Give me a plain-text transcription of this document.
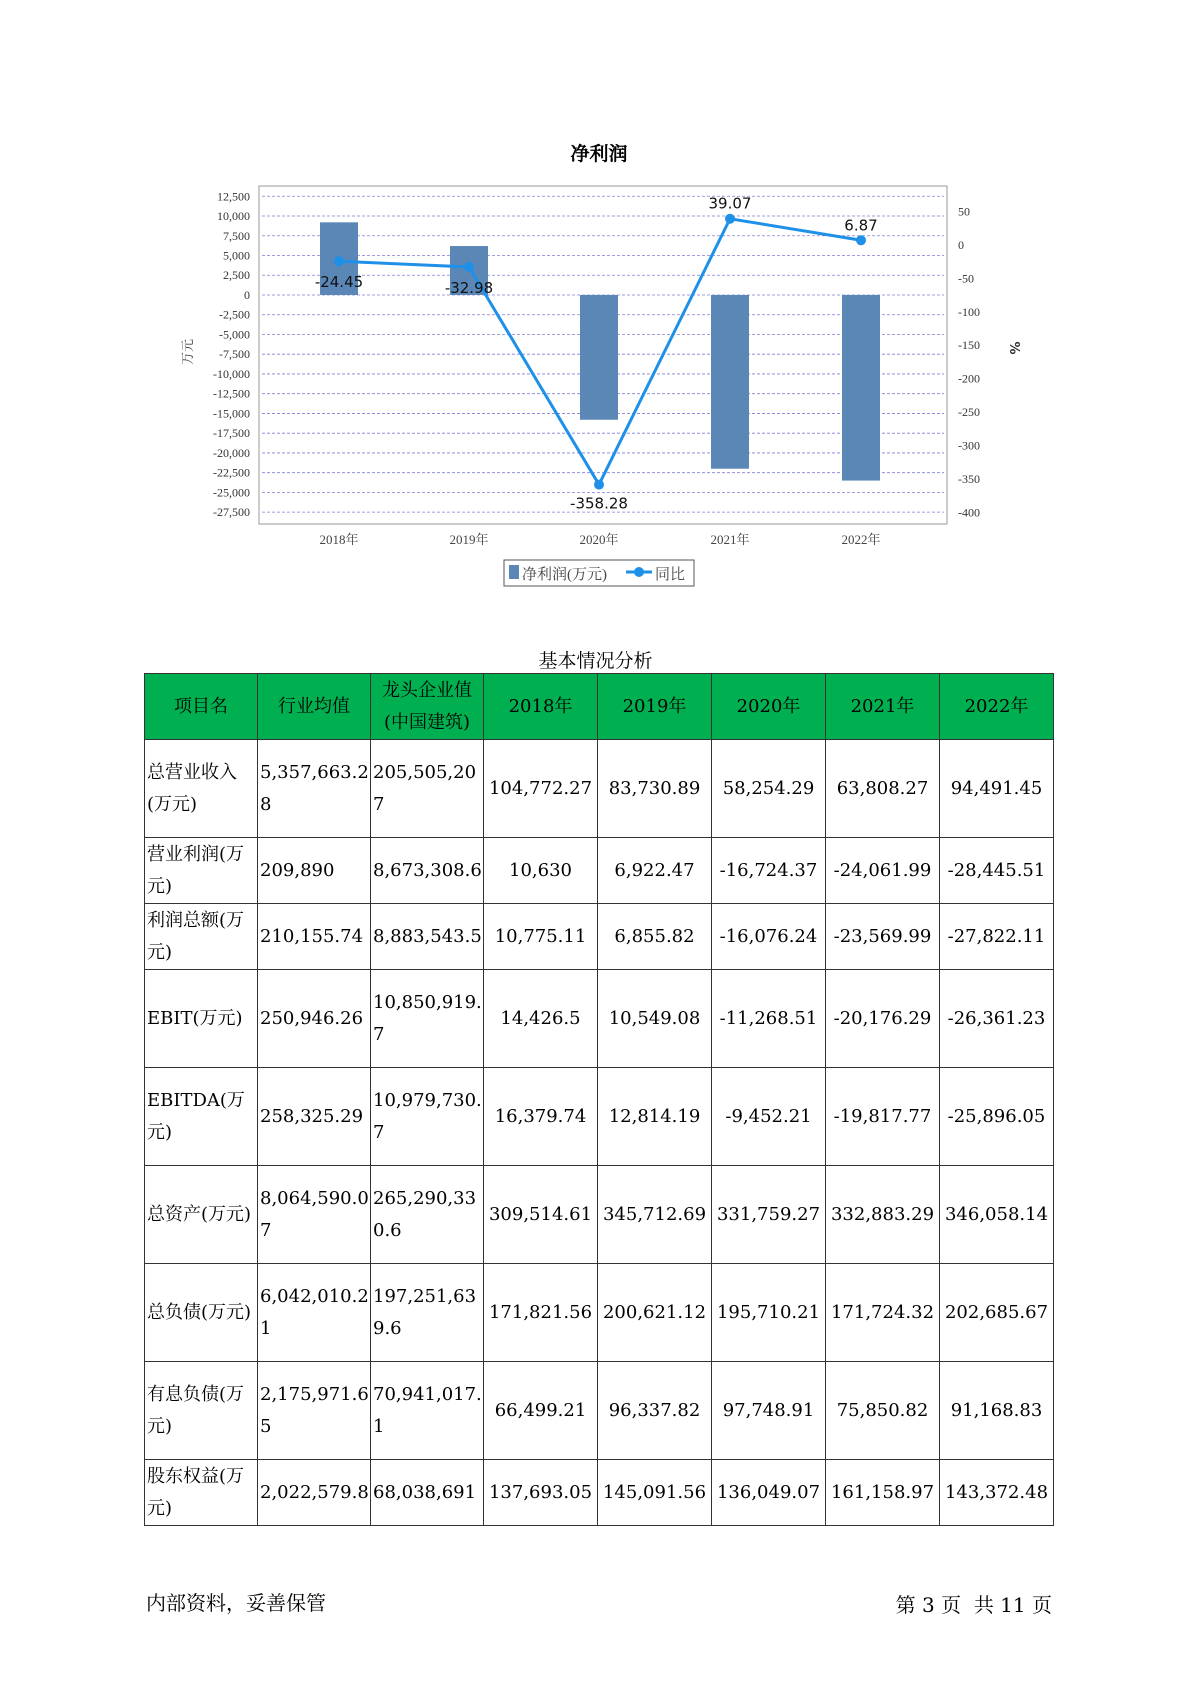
净利润
12,500
10,000
7,500
5,000
2,500
0
-2,500
-5,000
-7,500
-10,000
-12,500
-15,000
-17,500
-20,000
-22,500
-25,000
-27,500
50
0
-50
-100
-150
-200
-250
-300
-350
-400
万元	%
-24.45	-32.98
-358.28
39.07
6.87
2018年	2019年	2020年	2021年	2022年
净利润(万元)	同比
基本情况分析
项目名	行业均值	龙头企业值(中国建筑)	2018年	2019年	2020年	2021年	2022年
总营业收入(万元)	5,357,663.28	205,505,207	104,772.27	83,730.89	58,254.29	63,808.27	94,491.45
营业利润(万元)	209,890	8,673,308.6	10,630	6,922.47	-16,724.37	-24,061.99	-28,445.51
利润总额(万元)	210,155.74	8,883,543.5	10,775.11	6,855.82	-16,076.24	-23,569.99	-27,822.11
EBIT(万元)	250,946.26	10,850,919.7	14,426.5	10,549.08	-11,268.51	-20,176.29	-26,361.23
EBITDA(万元)	258,325.29	10,979,730.7	16,379.74	12,814.19	-9,452.21	-19,817.77	-25,896.05
总资产(万元)	8,064,590.07	265,290,330.6	309,514.61	345,712.69	331,759.27	332,883.29	346,058.14
总负债(万元)	6,042,010.21	197,251,639.6	171,821.56	200,621.12	195,710.21	171,724.32	202,685.67
有息负债(万元)	2,175,971.65	70,941,017.1	66,499.21	96,337.82	97,748.91	75,850.82	91,168.83
股东权益(万元)	2,022,579.8	68,038,691	137,693.05	145,091.56	136,049.07	161,158.97	143,372.48
内部资料，妥善保管	第 3 页  共 11 页
